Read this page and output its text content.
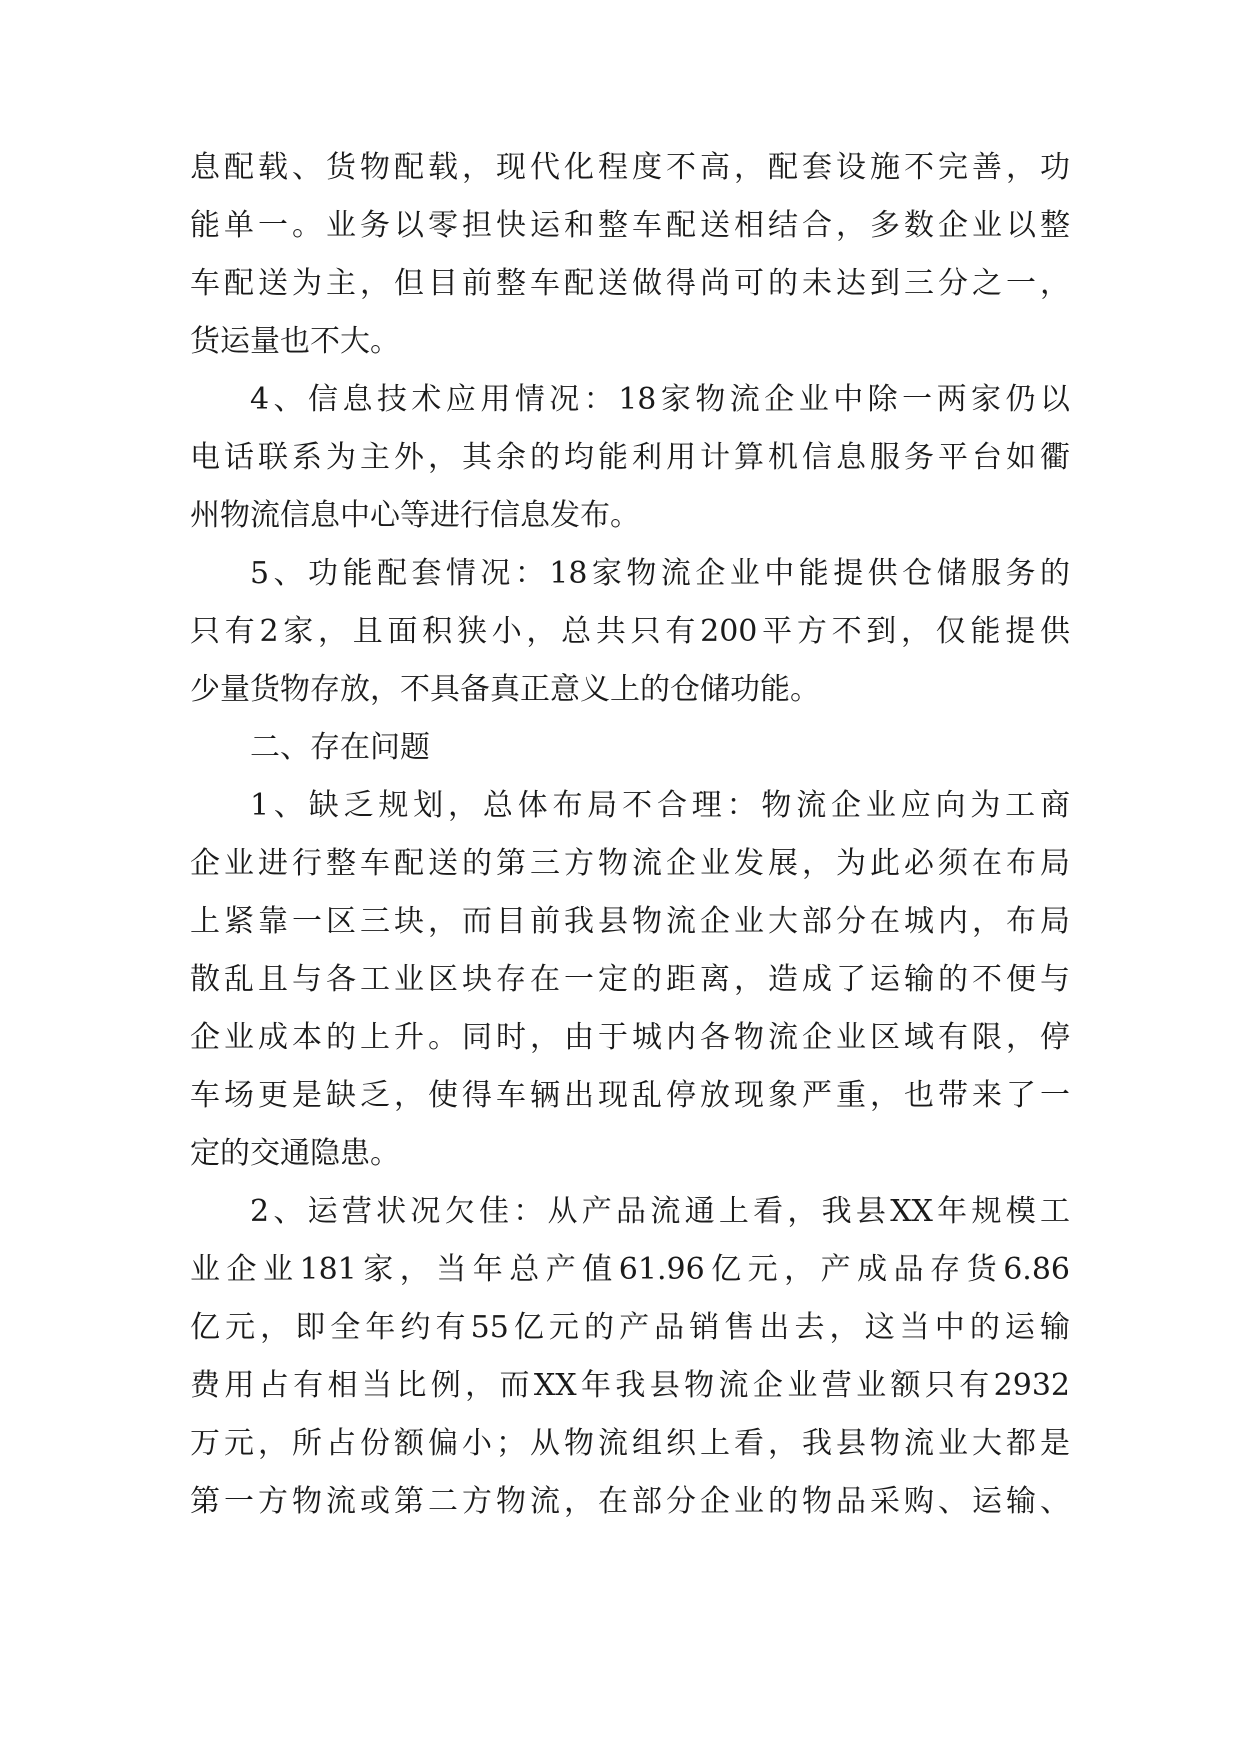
息配载、货物配载，现代化程度不高，配套设施不完善，功
能单一。业务以零担快运和整车配送相结合，多数企业以整
车配送为主，但目前整车配送做得尚可的未达到三分之一，
货运量也不大。
4、信息技术应用情况：18家物流企业中除一两家仍以
电话联系为主外，其余的均能利用计算机信息服务平台如衢
州物流信息中心等进行信息发布。
5、功能配套情况：18家物流企业中能提供仓储服务的
只有2家，且面积狭小，总共只有200平方不到，仅能提供
少量货物存放，不具备真正意义上的仓储功能。
二、存在问题
1、缺乏规划，总体布局不合理：物流企业应向为工商
企业进行整车配送的第三方物流企业发展，为此必须在布局
上紧靠一区三块，而目前我县物流企业大部分在城内，布局
散乱且与各工业区块存在一定的距离，造成了运输的不便与
企业成本的上升。同时，由于城内各物流企业区域有限，停
车场更是缺乏，使得车辆出现乱停放现象严重，也带来了一
定的交通隐患。
2、运营状况欠佳：从产品流通上看，我县XX年规模工
业企业181家，当年总产值61.96亿元，产成品存货6.86
亿元，即全年约有55亿元的产品销售出去，这当中的运输
费用占有相当比例，而XX年我县物流企业营业额只有2932
万元，所占份额偏小；从物流组织上看，我县物流业大都是
第一方物流或第二方物流，在部分企业的物品采购、运输、
